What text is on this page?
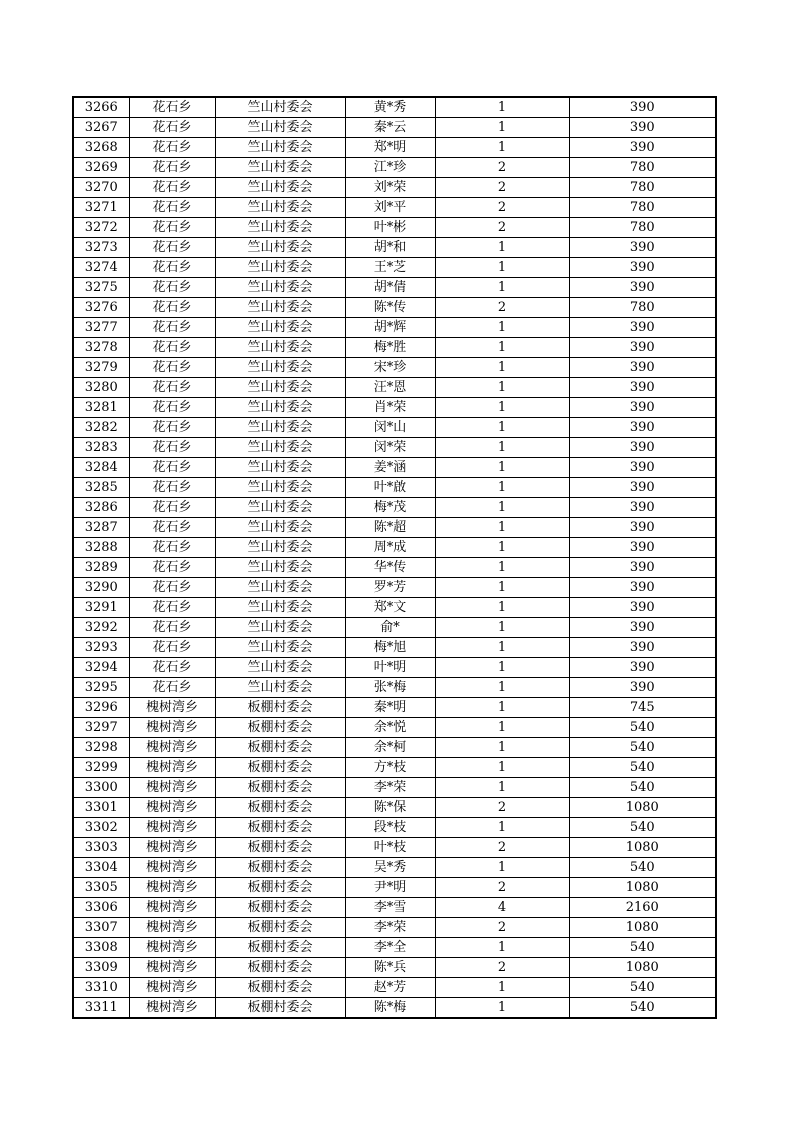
3266	花石乡	竺山村委会	黄*秀	1	390
3267	花石乡	竺山村委会	秦*云	1	390
3268	花石乡	竺山村委会	郑*明	1	390
3269	花石乡	竺山村委会	江*珍	2	780
3270	花石乡	竺山村委会	刘*荣	2	780
3271	花石乡	竺山村委会	刘*平	2	780
3272	花石乡	竺山村委会	叶*彬	2	780
3273	花石乡	竺山村委会	胡*和	1	390
3274	花石乡	竺山村委会	王*芝	1	390
3275	花石乡	竺山村委会	胡*倩	1	390
3276	花石乡	竺山村委会	陈*传	2	780
3277	花石乡	竺山村委会	胡*辉	1	390
3278	花石乡	竺山村委会	梅*胜	1	390
3279	花石乡	竺山村委会	宋*珍	1	390
3280	花石乡	竺山村委会	汪*恩	1	390
3281	花石乡	竺山村委会	肖*荣	1	390
3282	花石乡	竺山村委会	闵*山	1	390
3283	花石乡	竺山村委会	闵*荣	1	390
3284	花石乡	竺山村委会	姜*涵	1	390
3285	花石乡	竺山村委会	叶*啟	1	390
3286	花石乡	竺山村委会	梅*茂	1	390
3287	花石乡	竺山村委会	陈*超	1	390
3288	花石乡	竺山村委会	周*成	1	390
3289	花石乡	竺山村委会	华*传	1	390
3290	花石乡	竺山村委会	罗*芳	1	390
3291	花石乡	竺山村委会	郑*文	1	390
3292	花石乡	竺山村委会	俞*	1	390
3293	花石乡	竺山村委会	梅*旭	1	390
3294	花石乡	竺山村委会	叶*明	1	390
3295	花石乡	竺山村委会	张*梅	1	390
3296	槐树湾乡	板棚村委会	秦*明	1	745
3297	槐树湾乡	板棚村委会	余*悦	1	540
3298	槐树湾乡	板棚村委会	余*柯	1	540
3299	槐树湾乡	板棚村委会	方*枝	1	540
3300	槐树湾乡	板棚村委会	李*荣	1	540
3301	槐树湾乡	板棚村委会	陈*保	2	1080
3302	槐树湾乡	板棚村委会	段*枝	1	540
3303	槐树湾乡	板棚村委会	叶*枝	2	1080
3304	槐树湾乡	板棚村委会	吴*秀	1	540
3305	槐树湾乡	板棚村委会	尹*明	2	1080
3306	槐树湾乡	板棚村委会	李*雪	4	2160
3307	槐树湾乡	板棚村委会	李*荣	2	1080
3308	槐树湾乡	板棚村委会	李*全	1	540
3309	槐树湾乡	板棚村委会	陈*兵	2	1080
3310	槐树湾乡	板棚村委会	赵*芳	1	540
3311	槐树湾乡	板棚村委会	陈*梅	1	540
